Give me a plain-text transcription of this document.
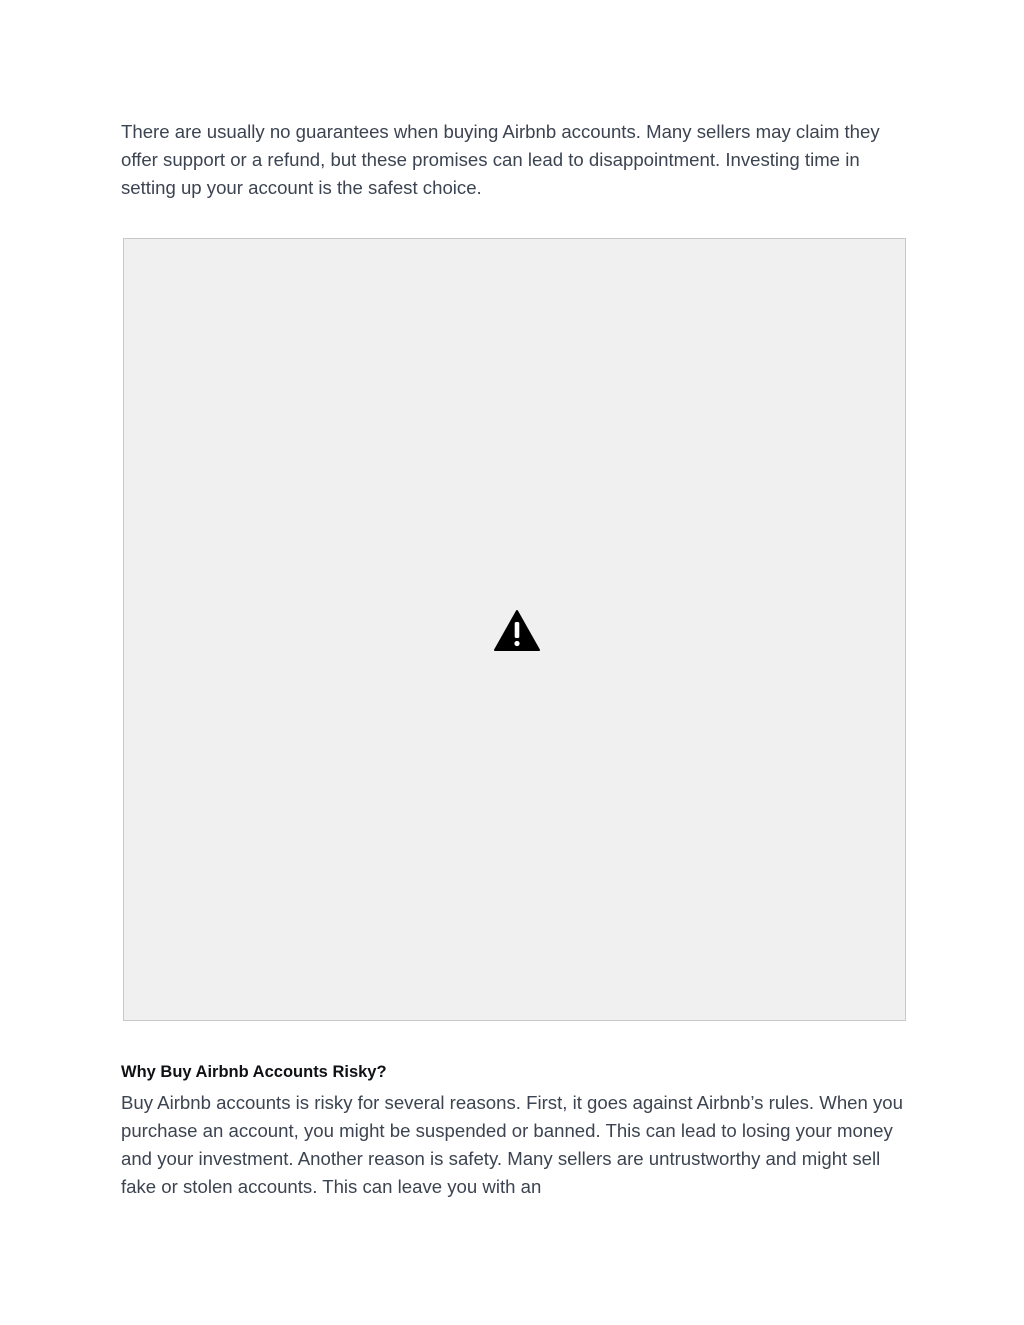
There are usually no guarantees when buying Airbnb accounts. Many sellers may claim they offer support or a refund, but these promises can lead to disappointment. Investing time in setting up your account is the safest choice.

Why Buy Airbnb Accounts Risky?

Buy Airbnb accounts is risky for several reasons. First, it goes against Airbnb’s rules. When you purchase an account, you might be suspended or banned. This can lead to losing your money and your investment. Another reason is safety. Many sellers are untrustworthy and might sell fake or stolen accounts. This can leave you with an
